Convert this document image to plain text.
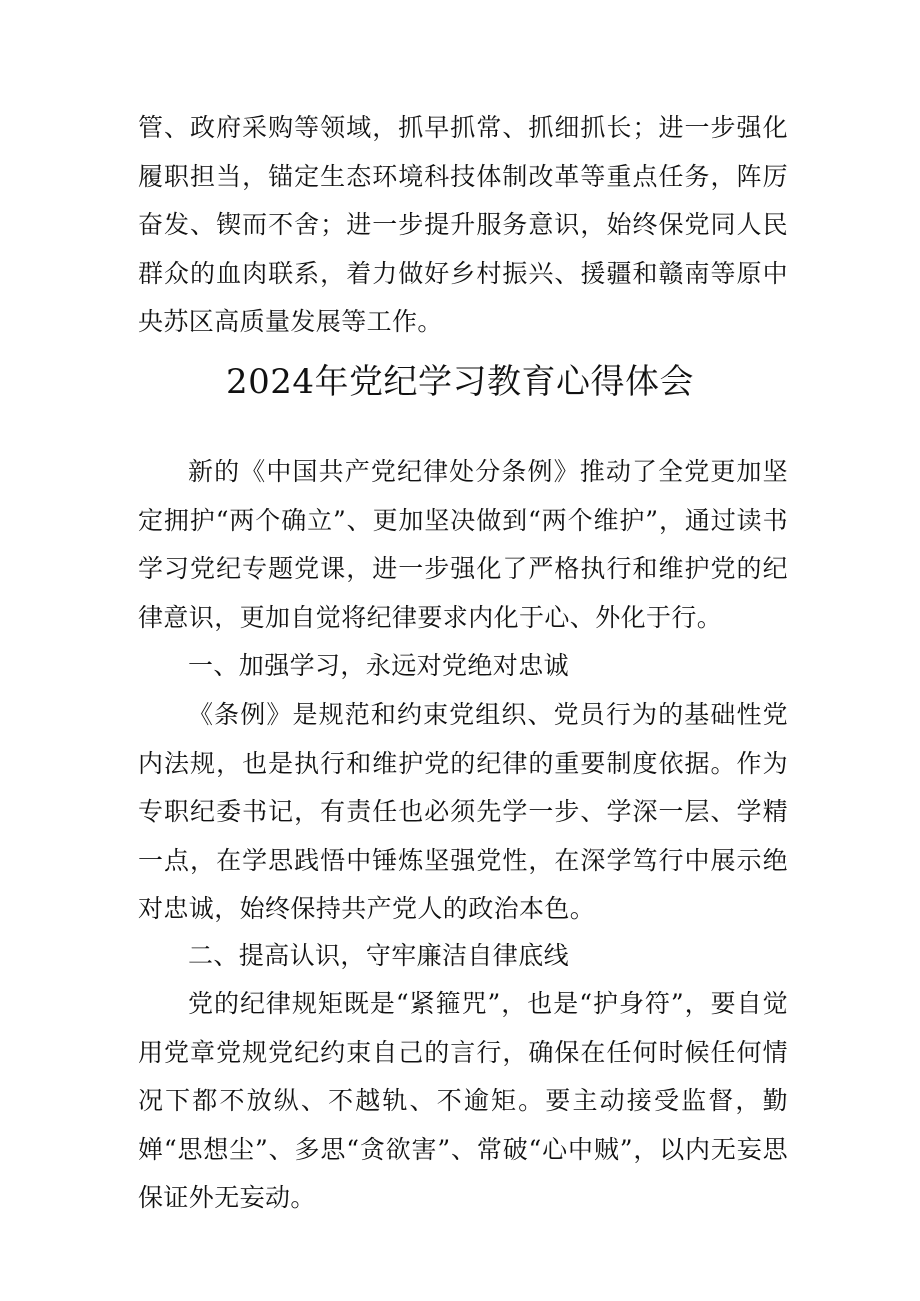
管、政府采购等领域，抓早抓常、抓细抓长；进一步强化履职担当，锚定生态环境科技体制改革等重点任务，阵厉奋发、锲而不舍；进一步提升服务意识，始终保党同人民群众的血肉联系，着力做好乡村振兴、援疆和赣南等原中央苏区高质量发展等工作。

2024年党纪学习教育心得体会

新的《中国共产党纪律处分条例》推动了全党更加坚定拥护“两个确立”、更加坚决做到“两个维护”，通过读书学习党纪专题党课，进一步强化了严格执行和维护党的纪律意识，更加自觉将纪律要求内化于心、外化于行。

一、加强学习，永远对党绝对忠诚

《条例》是规范和约束党组织、党员行为的基础性党内法规，也是执行和维护党的纪律的重要制度依据。作为专职纪委书记，有责任也必须先学一步、学深一层、学精一点，在学思践悟中锤炼坚强党性，在深学笃行中展示绝对忠诚，始终保持共产党人的政治本色。

二、提高认识，守牢廉洁自律底线

党的纪律规矩既是“紧箍咒”，也是“护身符”，要自觉用党章党规党纪约束自己的言行，确保在任何时候任何情况下都不放纵、不越轨、不逾矩。要主动接受监督，勤婵“思想尘”、多思“贪欲害”、常破“心中贼”，以内无妄思保证外无妄动。
